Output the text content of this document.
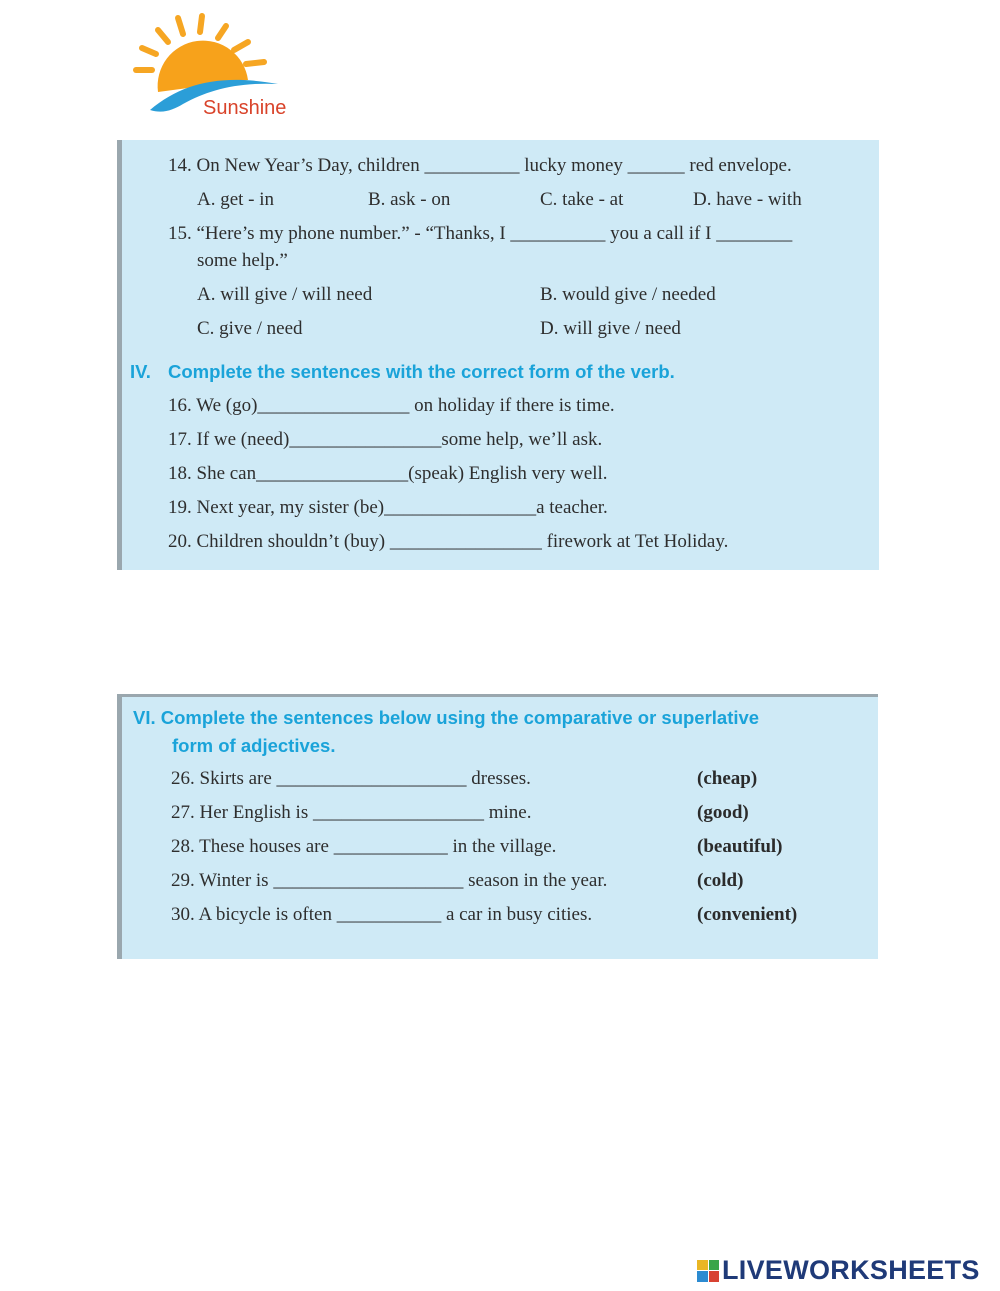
Sunshine
14. On New Year’s Day, children __________ lucky money ______ red envelope.
A. get - in	B. ask - on	C. take - at	D. have - with
15. “Here’s my phone number.” - “Thanks, I __________ you a call if I ________
some help.”
A. will give / will need	B. would give / needed
C. give / need	D. will give / need
IV. Complete the sentences with the correct form of the verb.
16. We (go)________________ on holiday if there is time.
17. If we (need)________________some help, we’ll ask.
18. She can________________(speak) English very well.
19. Next year, my sister (be)________________a teacher.
20. Children shouldn’t (buy) ________________ firework at Tet Holiday.
VI. Complete the sentences below using the comparative or superlative
form of adjectives.
26. Skirts are ____________________ dresses.	(cheap)
27. Her English is __________________ mine.	(good)
28. These houses are ____________ in the village.	(beautiful)
29. Winter is ____________________ season in the year.	(cold)
30. A bicycle is often ___________ a car in busy cities.	(convenient)
LIVEWORKSHEETS
